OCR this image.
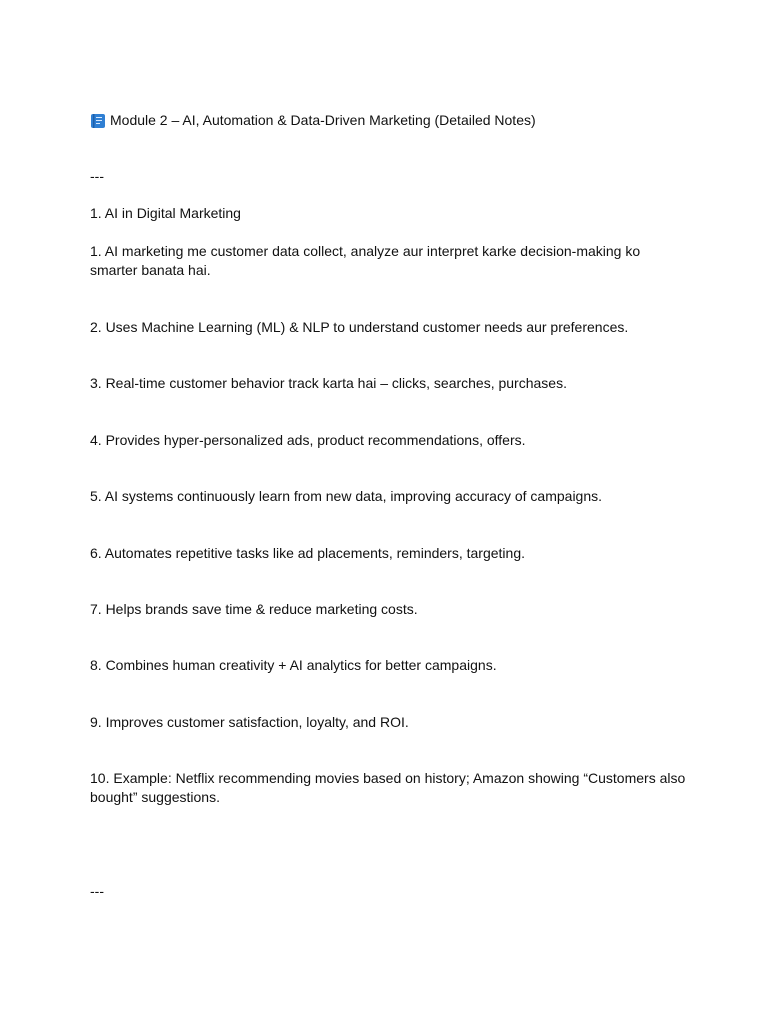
Module 2 – AI, Automation & Data-Driven Marketing (Detailed Notes)
---
1. AI in Digital Marketing
1. AI marketing me customer data collect, analyze aur interpret karke decision-making ko smarter banata hai.
2. Uses Machine Learning (ML) & NLP to understand customer needs aur preferences.
3. Real-time customer behavior track karta hai – clicks, searches, purchases.
4. Provides hyper-personalized ads, product recommendations, offers.
5. AI systems continuously learn from new data, improving accuracy of campaigns.
6. Automates repetitive tasks like ad placements, reminders, targeting.
7. Helps brands save time & reduce marketing costs.
8. Combines human creativity + AI analytics for better campaigns.
9. Improves customer satisfaction, loyalty, and ROI.
10. Example: Netflix recommending movies based on history; Amazon showing “Customers also bought” suggestions.
---
